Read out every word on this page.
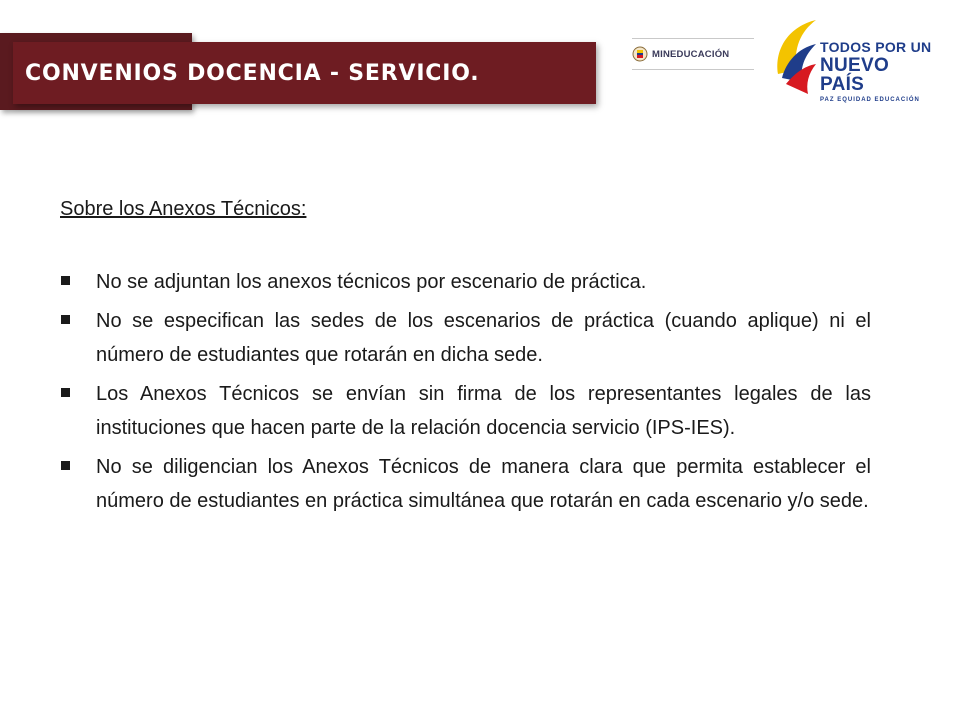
CONVENIOS DOCENCIA - SERVICIO.
MINEDUCACIÓN	TODOS POR UN
NUEVO PAÍS
PAZ EQUIDAD EDUCACIÓN

Sobre los Anexos Técnicos:

No se adjuntan los anexos técnicos por escenario de práctica.
No se especifican las sedes de los escenarios de práctica (cuando aplique) ni el número de estudiantes que rotarán en dicha sede.
Los Anexos Técnicos se envían sin firma de los representantes legales de las instituciones que hacen parte de la relación docencia servicio (IPS-IES).
No se diligencian los Anexos Técnicos de manera clara que permita establecer el número de estudiantes en práctica simultánea que rotarán en cada escenario y/o sede.
